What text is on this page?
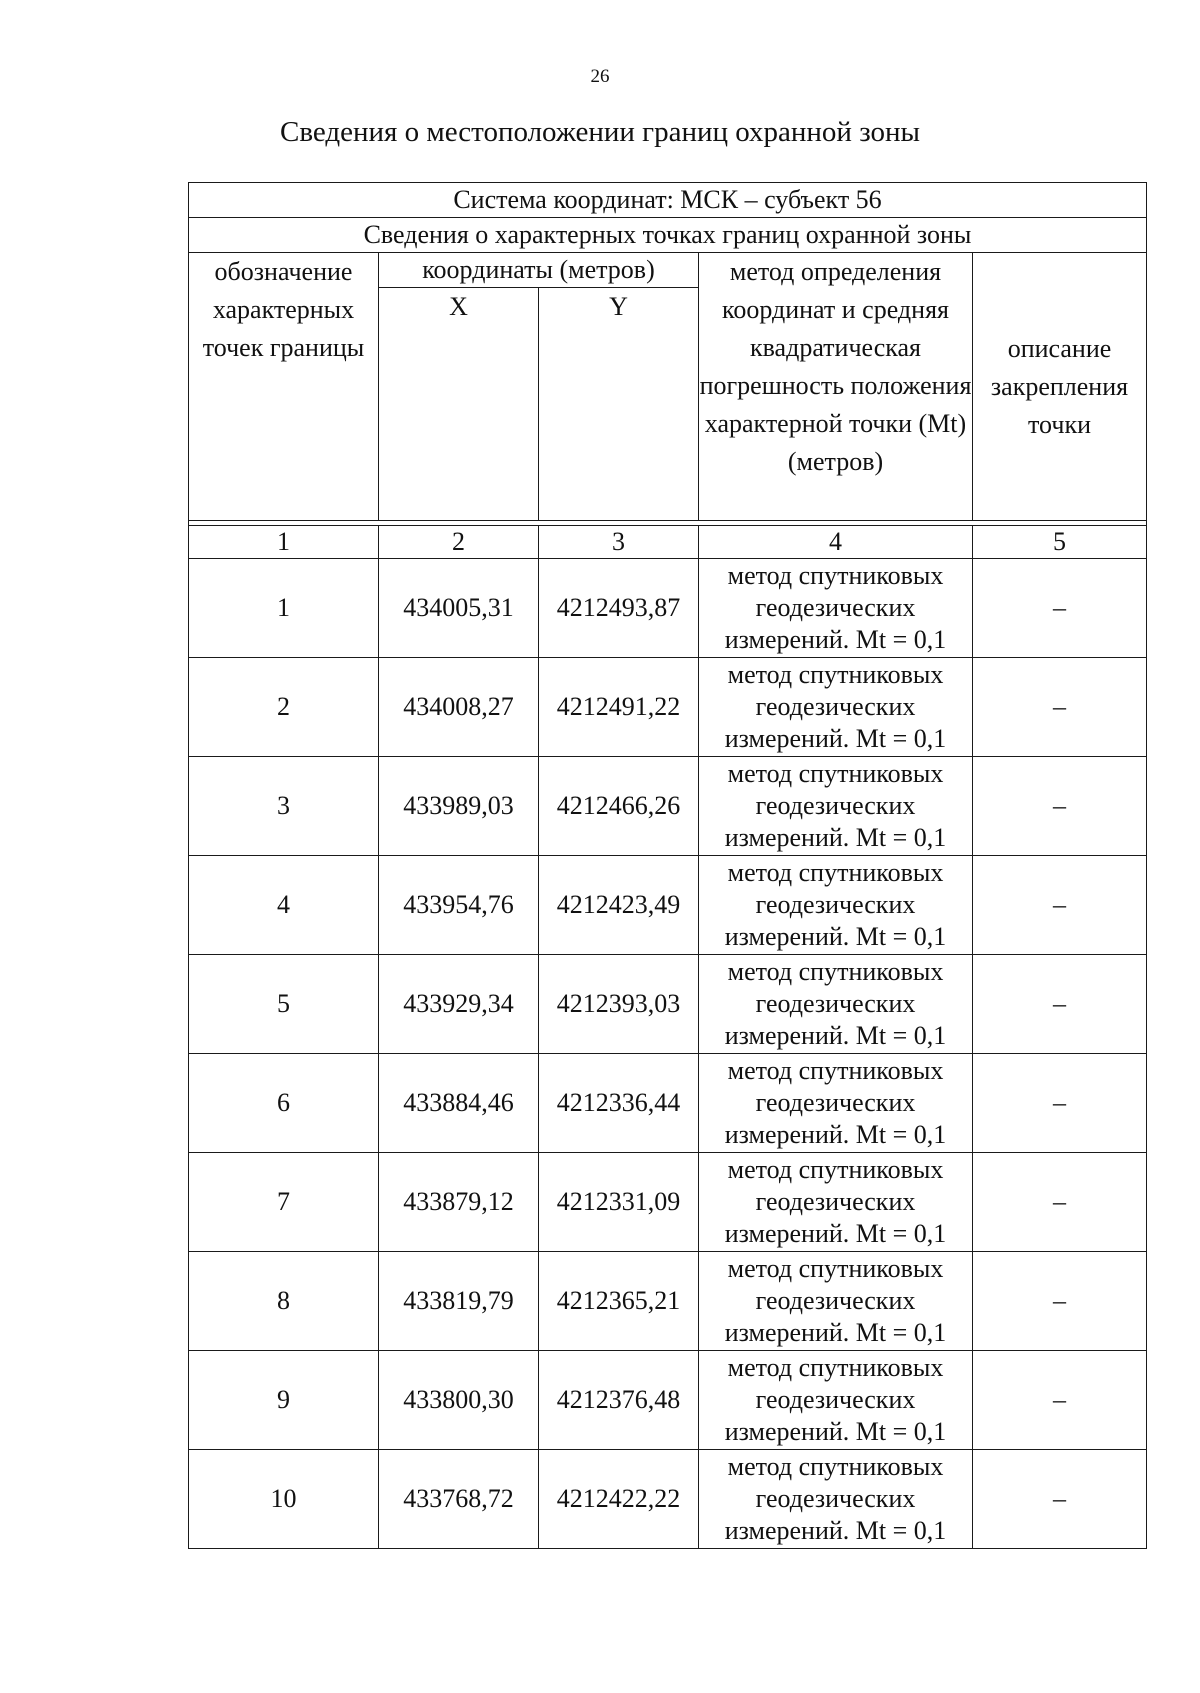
26
Сведения о местоположении границ охранной зоны
Система координат: МСК – субъект 56				
Сведения о характерных точках границ охранной зоны				

обозначение характерных точек границы	координаты (метров)		метод определения координат и средняя квадратическая погрешность положения характерной точки (Mt) (метров)	описание закрепления точки

	X	Y		

1	2	3	4	5
1	434005,31	4212493,87	метод спутниковых геодезических измерений. Mt = 0,1	–
2	434008,27	4212491,22	метод спутниковых геодезических измерений. Mt = 0,1	–
3	433989,03	4212466,26	метод спутниковых геодезических измерений. Mt = 0,1	–
4	433954,76	4212423,49	метод спутниковых геодезических измерений. Mt = 0,1	–
5	433929,34	4212393,03	метод спутниковых геодезических измерений. Mt = 0,1	–
6	433884,46	4212336,44	метод спутниковых геодезических измерений. Mt = 0,1	–
7	433879,12	4212331,09	метод спутниковых геодезических измерений. Mt = 0,1	–
8	433819,79	4212365,21	метод спутниковых геодезических измерений. Mt = 0,1	–
9	433800,30	4212376,48	метод спутниковых геодезических измерений. Mt = 0,1	–
10	433768,72	4212422,22	метод спутниковых геодезических измерений. Mt = 0,1	–
